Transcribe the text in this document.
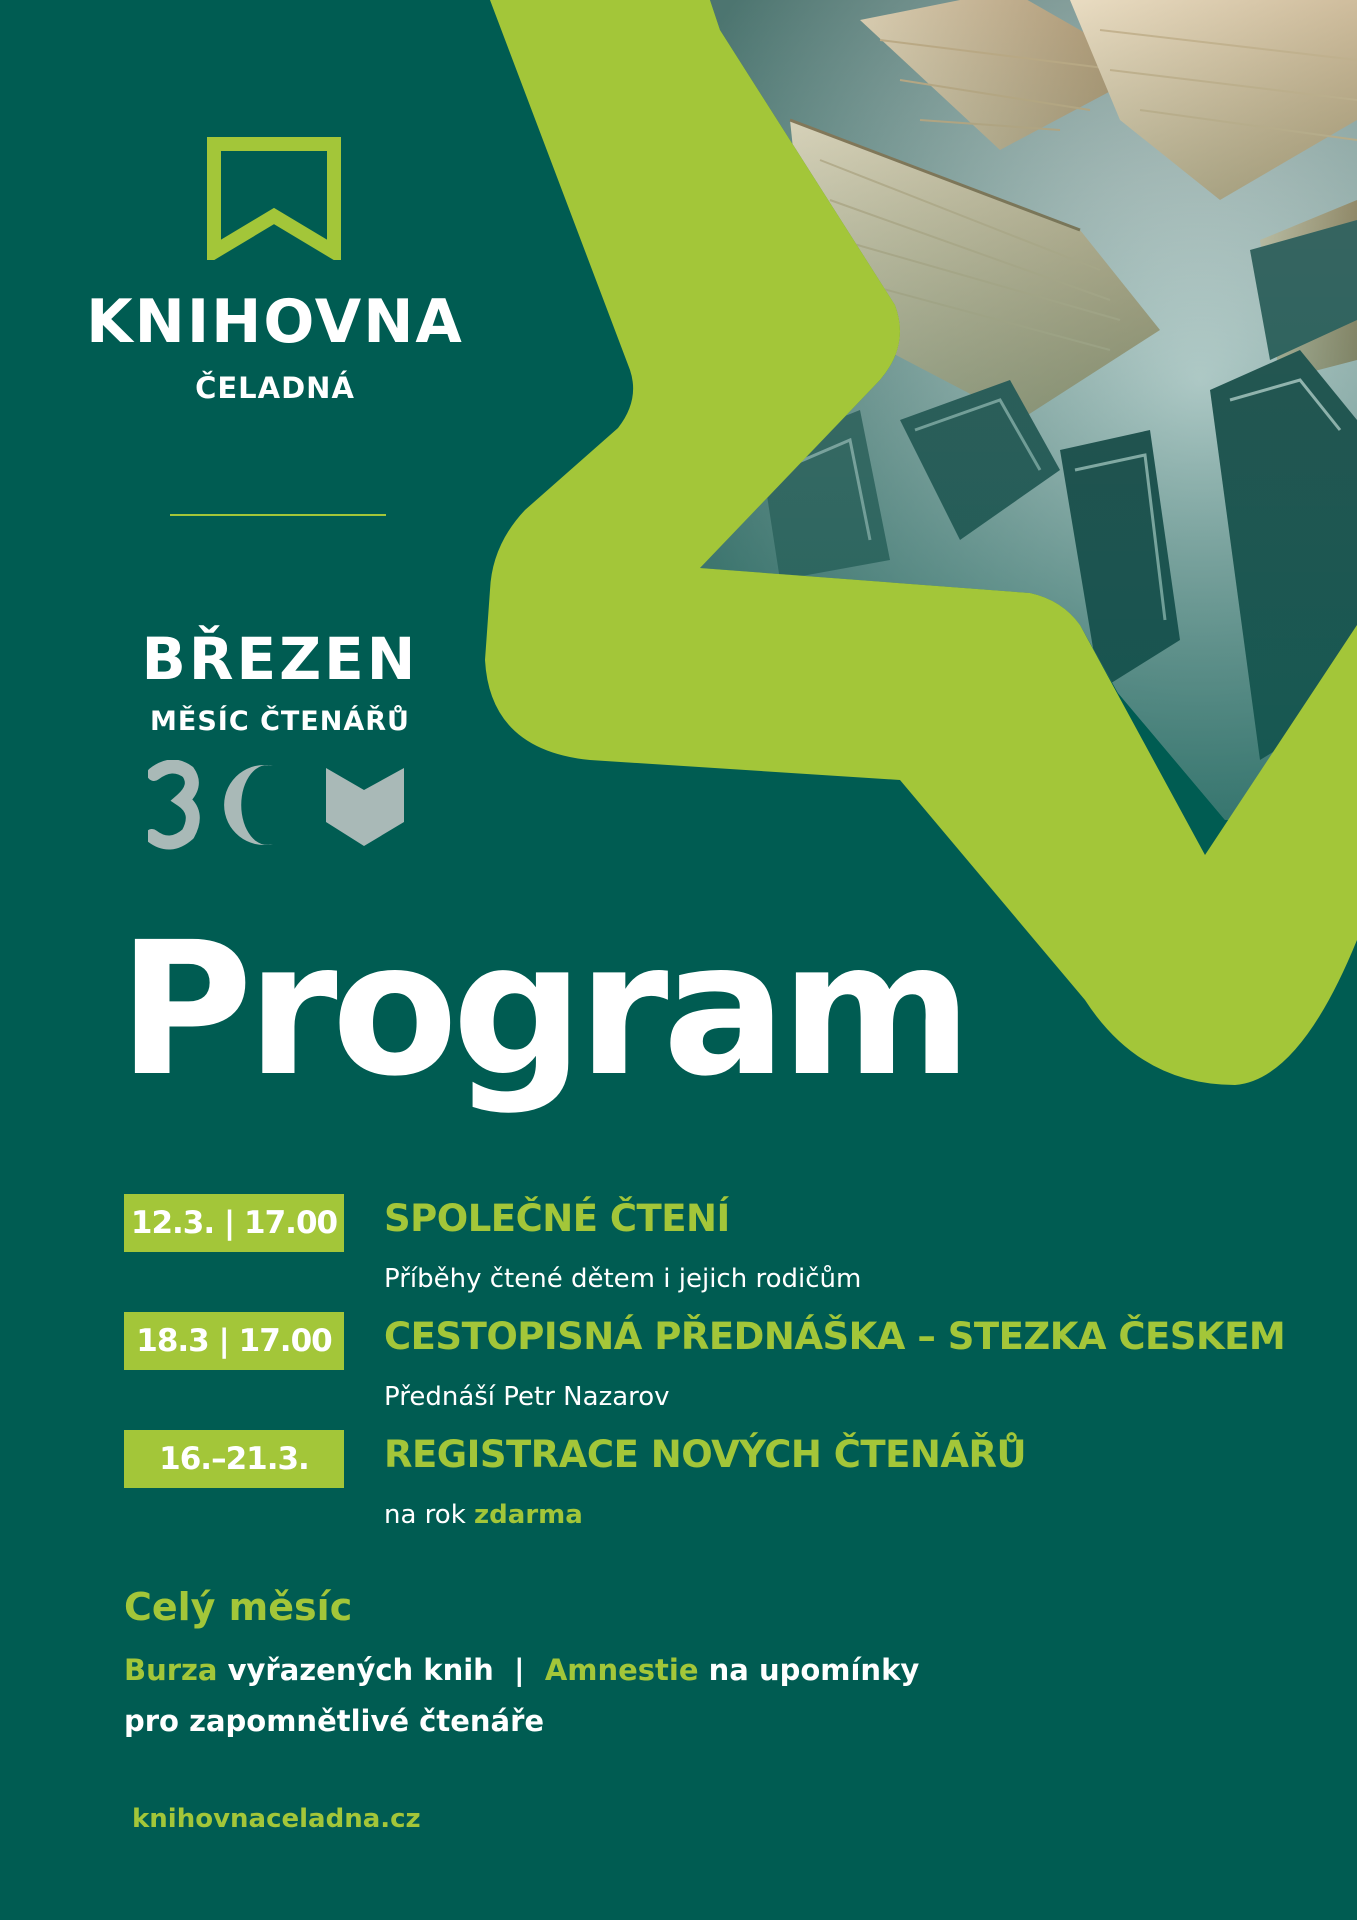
KNIHOVNA
ČELADNÁ
BŘEZEN
MĚSÍC ČTENÁŘŮ
Program
12.3. | 17.00 SPOLEČNÉ ČTENÍ
Příběhy čtené dětem i jejich rodičům
18.3 | 17.00	CESTOPISNÁ PŘEDNÁŠKA – STEZKA ČESKEM
Přednáší Petr Nazarov
16.–21.3.	REGISTRACE NOVÝCH ČTENÁŘŮ
na rok zdarma
Celý měsíc
Burza vyřazených knih  |  Amnestie na upomínky
pro zapomnětlivé čtenáře
knihovnaceladna.cz
